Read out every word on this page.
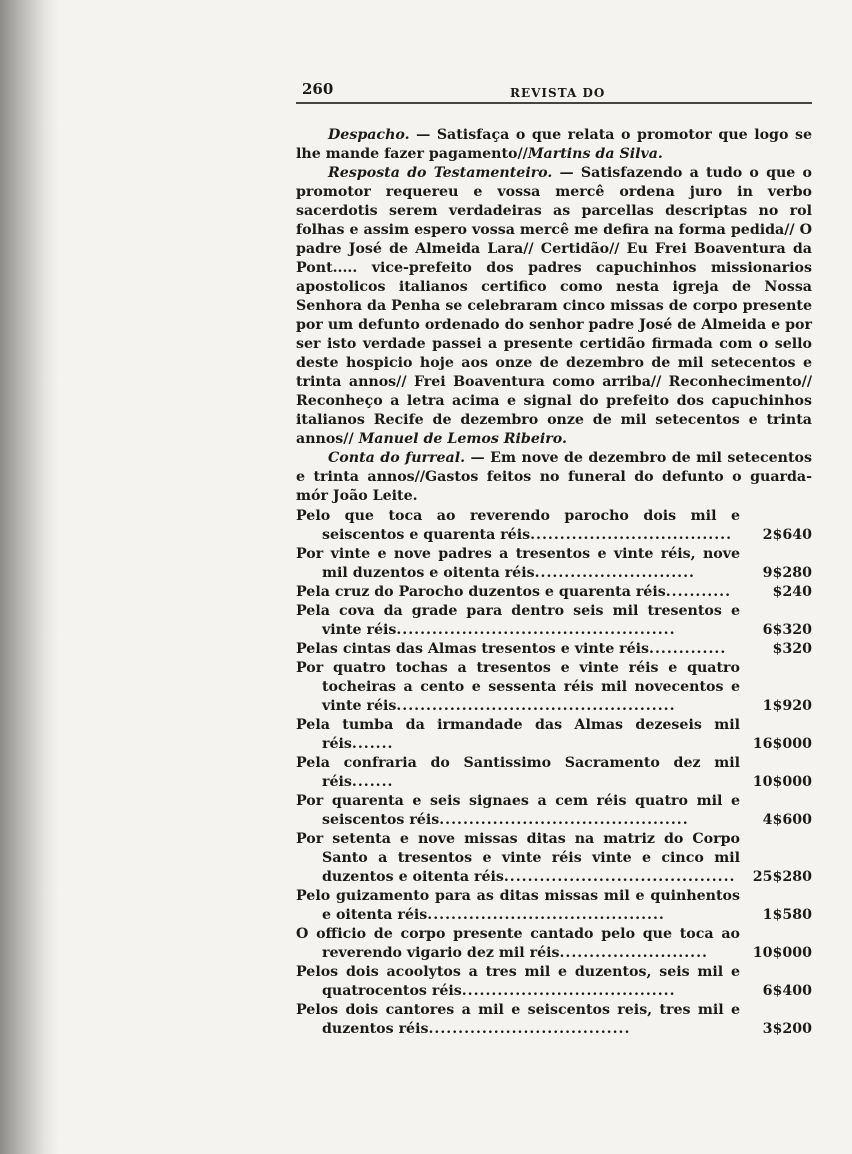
260	REVISTA DO

Despacho. — Satisfaça o que relata o promotor que logo se lhe mande fazer pagamento//Martins da Silva.

Resposta do Testamenteiro. — Satisfazendo a tudo o que o promotor requereu e vossa mercê ordena juro in verbo sacerdotis serem verdadeiras as parcellas descriptas no rol folhas e assim espero vossa mercê me defira na forma pedida// O padre José de Almeida Lara// Certidão// Eu Frei Boaventura da Pont..... vice-prefeito dos padres capuchinhos missionarios apostolicos italianos certifico como nesta igreja de Nossa Senhora da Penha se celebraram cinco missas de corpo presente por um defunto ordenado do senhor padre José de Almeida e por ser isto verdade passei a presente certidão firmada com o sello deste hospicio hoje aos onze de dezembro de mil setecentos e trinta annos// Frei Boaventura como arriba// Reconhecimento// Reconheço a letra acima e signal do prefeito dos capuchinhos italianos Recife de dezembro onze de mil setecentos e trinta annos// Manuel de Lemos Ribeiro.

Conta do furreal. — Em nove de dezembro de mil setecentos e trinta annos//Gastos feitos no funeral do defunto o guarda-mór João Leite.

Pelo que toca ao reverendo parocho dois mil e seiscentos e quarenta réis..................................	2$640
Por vinte e nove padres a tresentos e vinte réis, nove mil duzentos e oitenta réis...........................	9$280
Pela cruz do Parocho duzentos e quarenta réis...........	$240
Pela cova da grade para dentro seis mil tresentos e vinte réis...............................................	6$320
Pelas cintas das Almas tresentos e vinte réis.............	$320
Por quatro tochas a tresentos e vinte réis e quatro tocheiras a cento e sessenta réis mil novecentos e vinte réis...............................................	1$920
Pela tumba da irmandade das Almas dezeseis mil réis.......	16$000
Pela confraria do Santissimo Sacramento dez mil réis.......	10$000
Por quarenta e seis signaes a cem réis quatro mil e seiscentos réis..........................................	4$600
Por setenta e nove missas ditas na matriz do Corpo Santo a tresentos e vinte réis vinte e cinco mil duzentos e oitenta réis.......................................	25$280
Pelo guizamento para as ditas missas mil e quinhentos e oitenta réis........................................	1$580
O officio de corpo presente cantado pelo que toca ao reverendo vigario dez mil réis.........................	10$000
Pelos dois acoolytos a tres mil e duzentos, seis mil e quatrocentos réis....................................	6$400
Pelos dois cantores a mil e seiscentos reis, tres mil e duzentos réis..................................	3$200
